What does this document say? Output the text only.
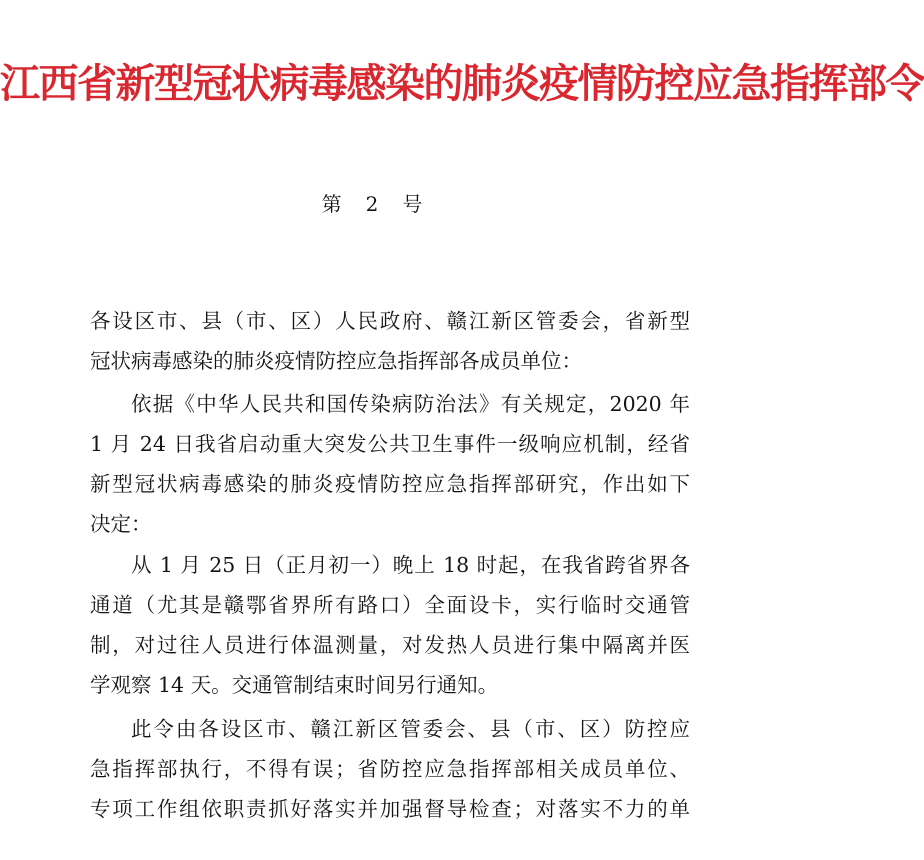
江西省新型冠状病毒感染的肺炎疫情防控应急指挥部令
第 2 号
各设区市、县（市、区）人民政府、赣江新区管委会，省新型
冠状病毒感染的肺炎疫情防控应急指挥部各成员单位：
依据《中华人民共和国传染病防治法》有关规定，2020 年
1 月 24 日我省启动重大突发公共卫生事件一级响应机制，经省
新型冠状病毒感染的肺炎疫情防控应急指挥部研究，作出如下
决定：
从 1 月 25 日（正月初一）晚上 18 时起，在我省跨省界各
通道（尤其是赣鄂省界所有路口）全面设卡，实行临时交通管
制，对过往人员进行体温测量，对发热人员进行集中隔离并医
学观察 14 天。交通管制结束时间另行通知。
此令由各设区市、赣江新区管委会、县（市、区）防控应
急指挥部执行，不得有误；省防控应急指挥部相关成员单位、
专项工作组依职责抓好落实并加强督导检查；对落实不力的单
